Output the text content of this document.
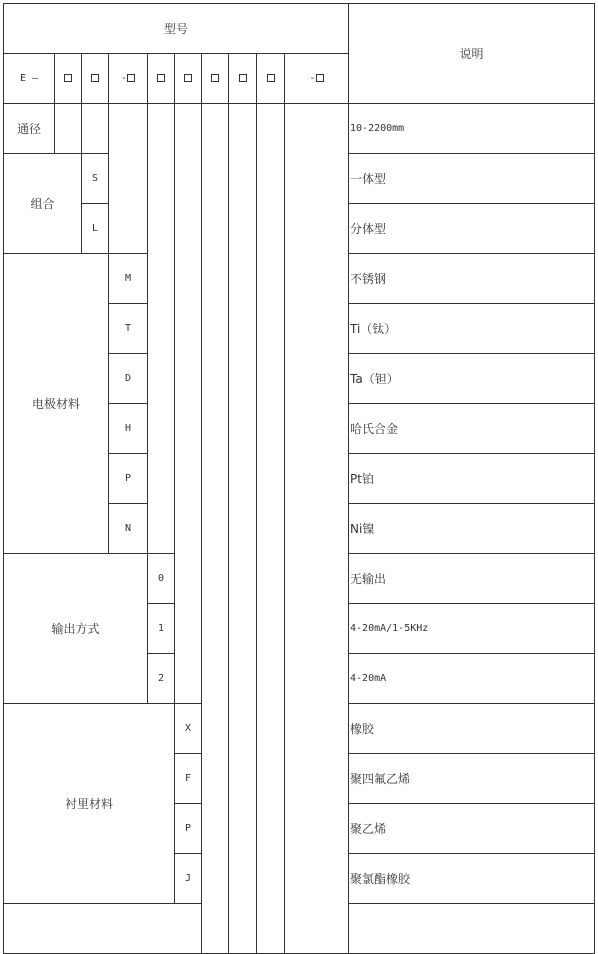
型号										说明	
E —			-						-		
通径										10-2200mm	
组合		S								一体型	
		L								分体型	
电极材料			M							不锈钢	
			T							Ti（钛）	
			D							Ta（钽）	
			H							哈氏合金	
			P							Pt铂	
			N							Ni镍	
输出方式				0						无输出	
				1						4-20mA/1-5KHz	
				2						4-20mA	
衬里材料					X					橡胶	
					F					聚四氟乙烯	
					P					聚乙烯	
					J					聚氯酯橡胶	
